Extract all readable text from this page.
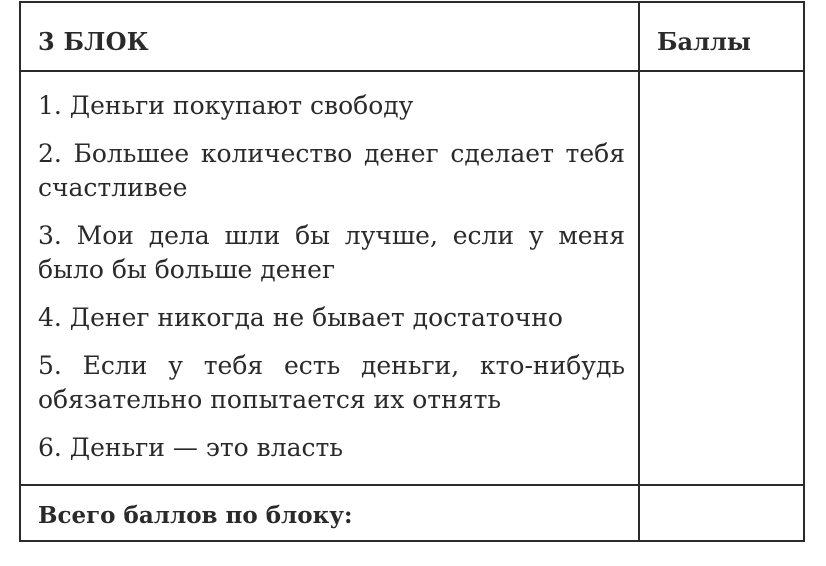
3 БЛОК	Баллы

1. Деньги покупают свободу

2. Большее количество денег сделает тебя счастливее

3. Мои дела шли бы лучше, если у меня было бы больше денег

4. Денег никогда не бывает достаточно

5. Если у тебя есть деньги, кто-нибудь обязательно попытается их отнять

6. Деньги — это власть

Всего баллов по блоку:
